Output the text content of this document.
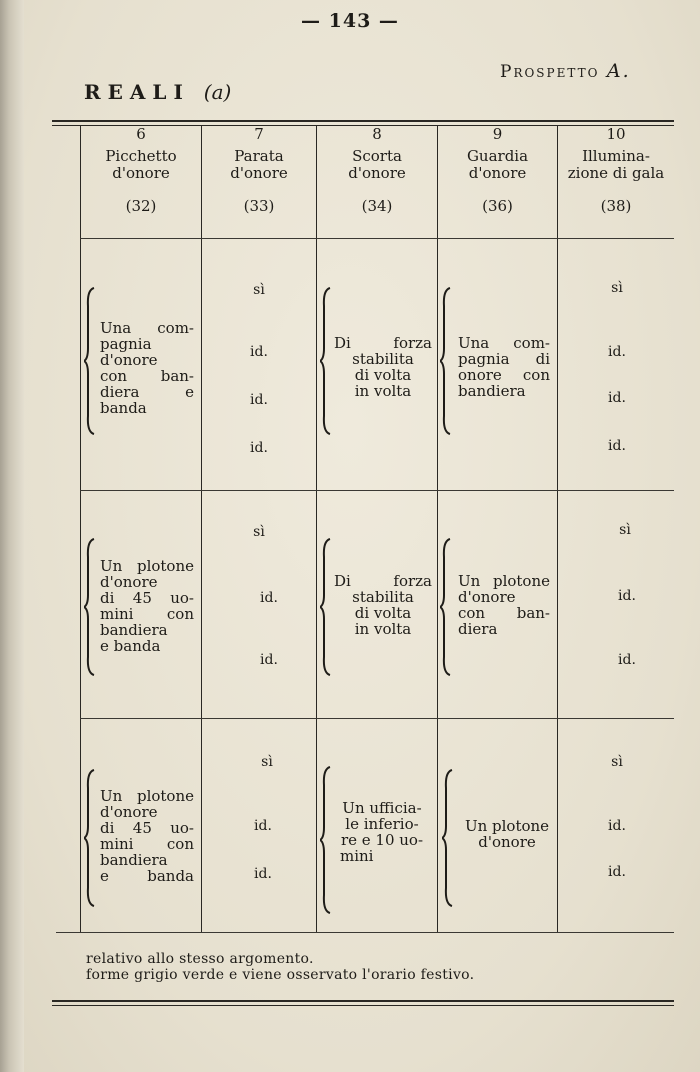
— 143 —
REALI (a)
Prospetto A.
6
Picchetto
d'onore
(32)
7
Parata
d'onore
(33)
8
Scorta
d'onore
(34)
9
Guardia
d'onore
(36)
10
Illumina-
zione di gala
(38)
Una com-
pagnia
d'onore
con ban-
diera e
banda
sì
id.
id.
id.
Di forza
stabilita
di volta
in volta
Una com-
pagnia di
onore con
bandiera
sì
id.
id.
id.
Un plotone
d'onore
di 45 uo-
mini con
bandiera
e banda
sì
id.
id.
Di forza
stabilita
di volta
in volta
Un plotone
d'onore
con ban-
diera
sì
id.
id.
Un plotone
d'onore
di 45 uo-
mini con
bandiera
e banda
sì
id.
id.
Un ufficia-
le inferio-
re e 10 uo-
mini
Un plotone
d'onore
sì
id.
id.
relativo allo stesso argomento.
forme grigio verde e viene osservato l'orario festivo.
